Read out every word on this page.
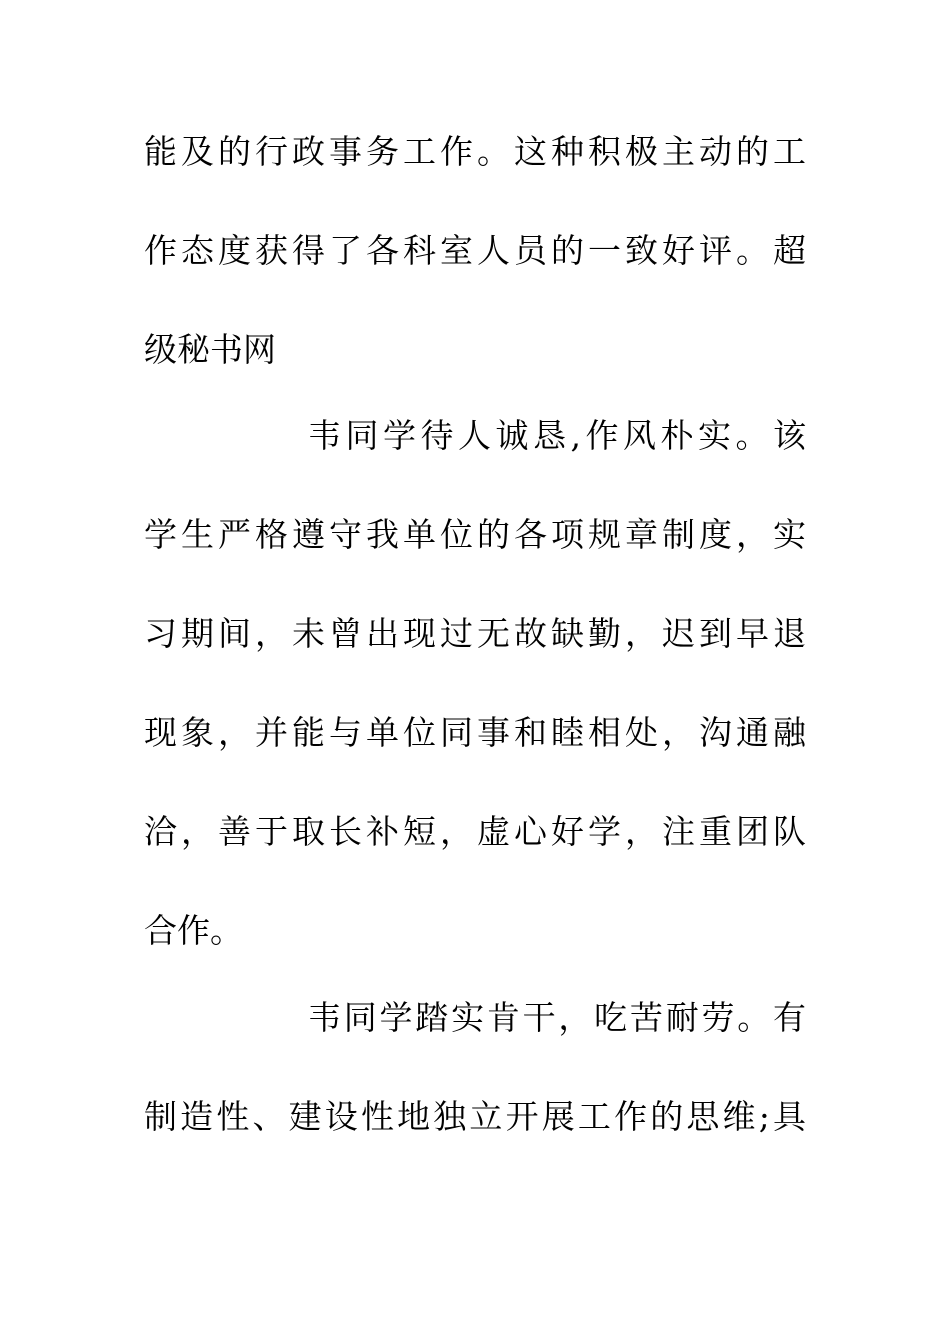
能及的行政事务工作。这种积极主动的工
作态度获得了各科室人员的一致好评。超
级秘书网
韦同学待人诚恳,作风朴实。该
学生严格遵守我单位的各项规章制度，实
习期间，未曾出现过无故缺勤，迟到早退
现象，并能与单位同事和睦相处，沟通融
洽，善于取长补短，虚心好学，注重团队
合作。
韦同学踏实肯干，吃苦耐劳。有
制造性、建设性地独立开展工作的思维;具
